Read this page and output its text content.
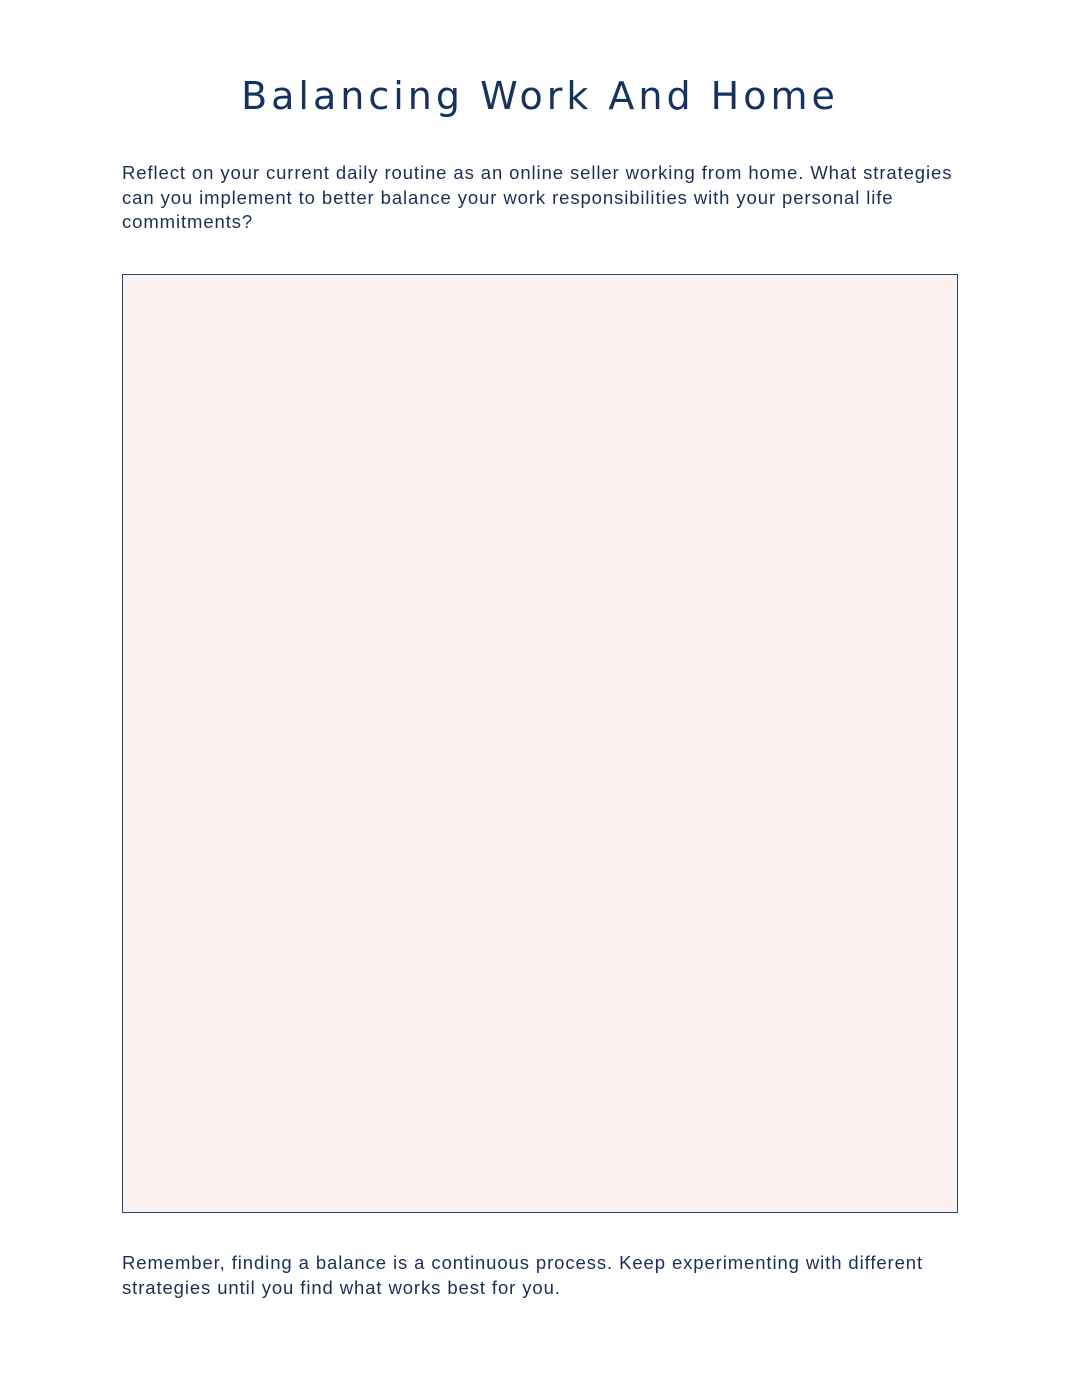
Balancing Work And Home

Reflect on your current daily routine as an online seller working from home. What strategies can you implement to better balance your work responsibilities with your personal life commitments?

Remember, finding a balance is a continuous process. Keep experimenting with different strategies until you find what works best for you.
